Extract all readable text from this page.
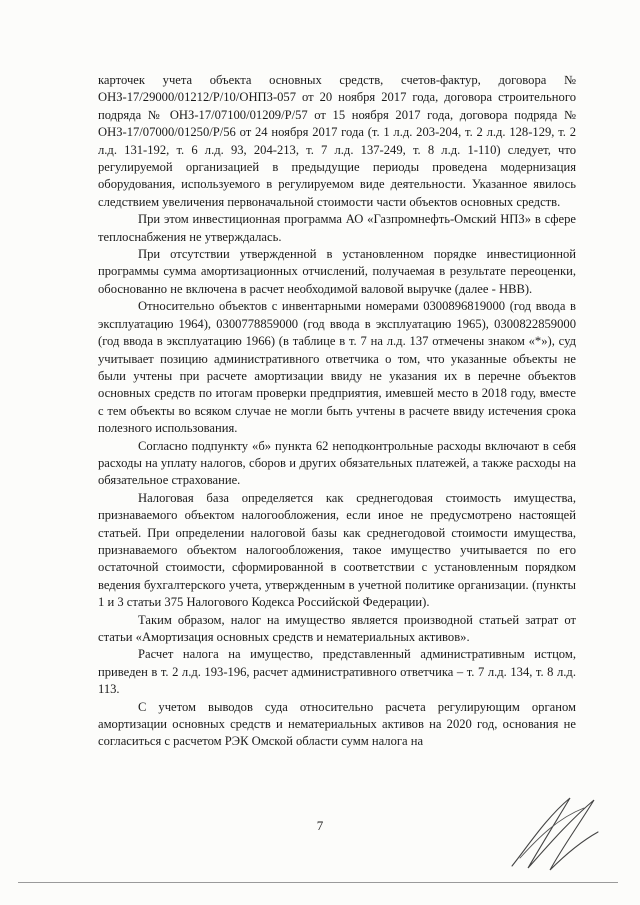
карточек учета объекта основных средств, счетов-фактур, договора № ОНЗ-17/29000/01212/Р/10/ОНПЗ-057 от 20 ноября 2017 года, договора строительного подряда № ОНЗ-17/07100/01209/Р/57 от 15 ноября 2017 года, договора подряда № ОНЗ-17/07000/01250/Р/56 от 24 ноября 2017 года (т. 1 л.д. 203-204, т. 2 л.д. 128-129, т. 2 л.д. 131-192, т. 6 л.д. 93, 204-213, т. 7 л.д. 137-249, т. 8 л.д. 1-110) следует, что регулируемой организацией в предыдущие периоды проведена модернизация оборудования, используемого в регулируемом виде деятельности. Указанное явилось следствием увеличения первоначальной стоимости части объектов основных средств.

При этом инвестиционная программа АО «Газпромнефть-Омский НПЗ» в сфере теплоснабжения не утверждалась.

При отсутствии утвержденной в установленном порядке инвестиционной программы сумма амортизационных отчислений, получаемая в результате переоценки, обоснованно не включена в расчет необходимой валовой выручке (далее - НВВ).

Относительно объектов с инвентарными номерами 0300896819000 (год ввода в эксплуатацию 1964), 0300778859000 (год ввода в эксплуатацию 1965), 0300822859000 (год ввода в эксплуатацию 1966) (в таблице в т. 7 на л.д. 137 отмечены знаком «*»), суд учитывает позицию административного ответчика о том, что указанные объекты не были учтены при расчете амортизации ввиду не указания их в перечне объектов основных средств по итогам проверки предприятия, имевшей место в 2018 году, вместе с тем объекты во всяком случае не могли быть учтены в расчете ввиду истечения срока полезного использования.

Согласно подпункту «б» пункта 62 неподконтрольные расходы включают в себя расходы на уплату налогов, сборов и других обязательных платежей, а также расходы на обязательное страхование.

Налоговая база определяется как среднегодовая стоимость имущества, признаваемого объектом налогообложения, если иное не предусмотрено настоящей статьей. При определении налоговой базы как среднегодовой стоимости имущества, признаваемого объектом налогообложения, такое имущество учитывается по его остаточной стоимости, сформированной в соответствии с установленным порядком ведения бухгалтерского учета, утвержденным в учетной политике организации. (пункты 1 и 3 статьи 375 Налогового Кодекса Российской Федерации).

Таким образом, налог на имущество является производной статьей затрат от статьи «Амортизация основных средств и нематериальных активов».

Расчет налога на имущество, представленный административным истцом, приведен в т. 2 л.д. 193-196, расчет административного ответчика – т. 7 л.д. 134, т. 8 л.д. 113.

С учетом выводов суда относительно расчета регулирующим органом амортизации основных средств и нематериальных активов на 2020 год, основания не согласиться с расчетом РЭК Омской области сумм налога на

7
